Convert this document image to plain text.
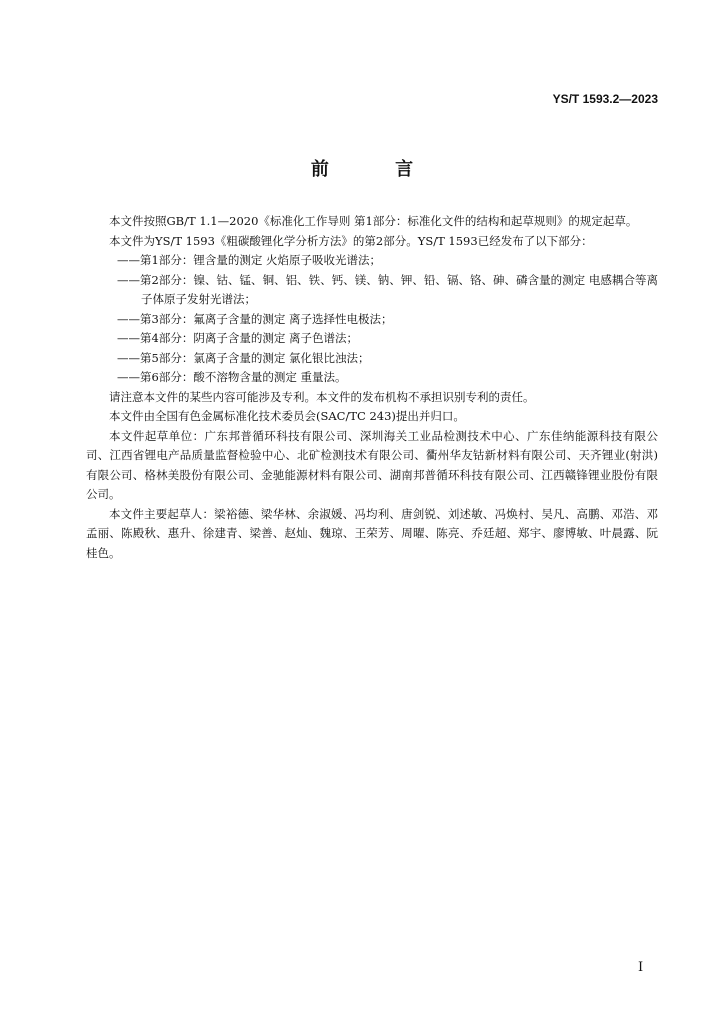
YS/T 1593.2—2023
前 言

本文件按照GB/T 1.1—2020《标准化工作导则 第1部分：标准化文件的结构和起草规则》的规定起草。

本文件为YS/T 1593《粗碳酸锂化学分析方法》的第2部分。YS/T 1593已经发布了以下部分：

——第1部分：锂含量的测定 火焰原子吸收光谱法；

——第2部分：镍、钴、锰、铜、铝、铁、钙、镁、钠、钾、铅、镉、铬、砷、磷含量的测定 电感耦合等离子体原子发射光谱法；

——第3部分：氟离子含量的测定 离子选择性电极法；

——第4部分：阴离子含量的测定 离子色谱法；

——第5部分：氯离子含量的测定 氯化银比浊法；

——第6部分：酸不溶物含量的测定 重量法。

请注意本文件的某些内容可能涉及专利。本文件的发布机构不承担识别专利的责任。

本文件由全国有色金属标准化技术委员会(SAC/TC 243)提出并归口。

本文件起草单位：广东邦普循环科技有限公司、深圳海关工业品检测技术中心、广东佳纳能源科技有限公司、江西省锂电产品质量监督检验中心、北矿检测技术有限公司、衢州华友钴新材料有限公司、天齐锂业(射洪)有限公司、格林美股份有限公司、金驰能源材料有限公司、湖南邦普循环科技有限公司、江西赣锋锂业股份有限公司。

本文件主要起草人：梁裕德、梁华林、余淑媛、冯均利、唐剑锐、刘述敏、冯焕村、吴凡、高鹏、邓浩、邓孟丽、陈殿秋、惠升、徐建青、梁善、赵灿、魏琼、王荣芳、周曜、陈亮、乔廷超、郑宇、廖博敏、叶晨露、阮桂色。

I
